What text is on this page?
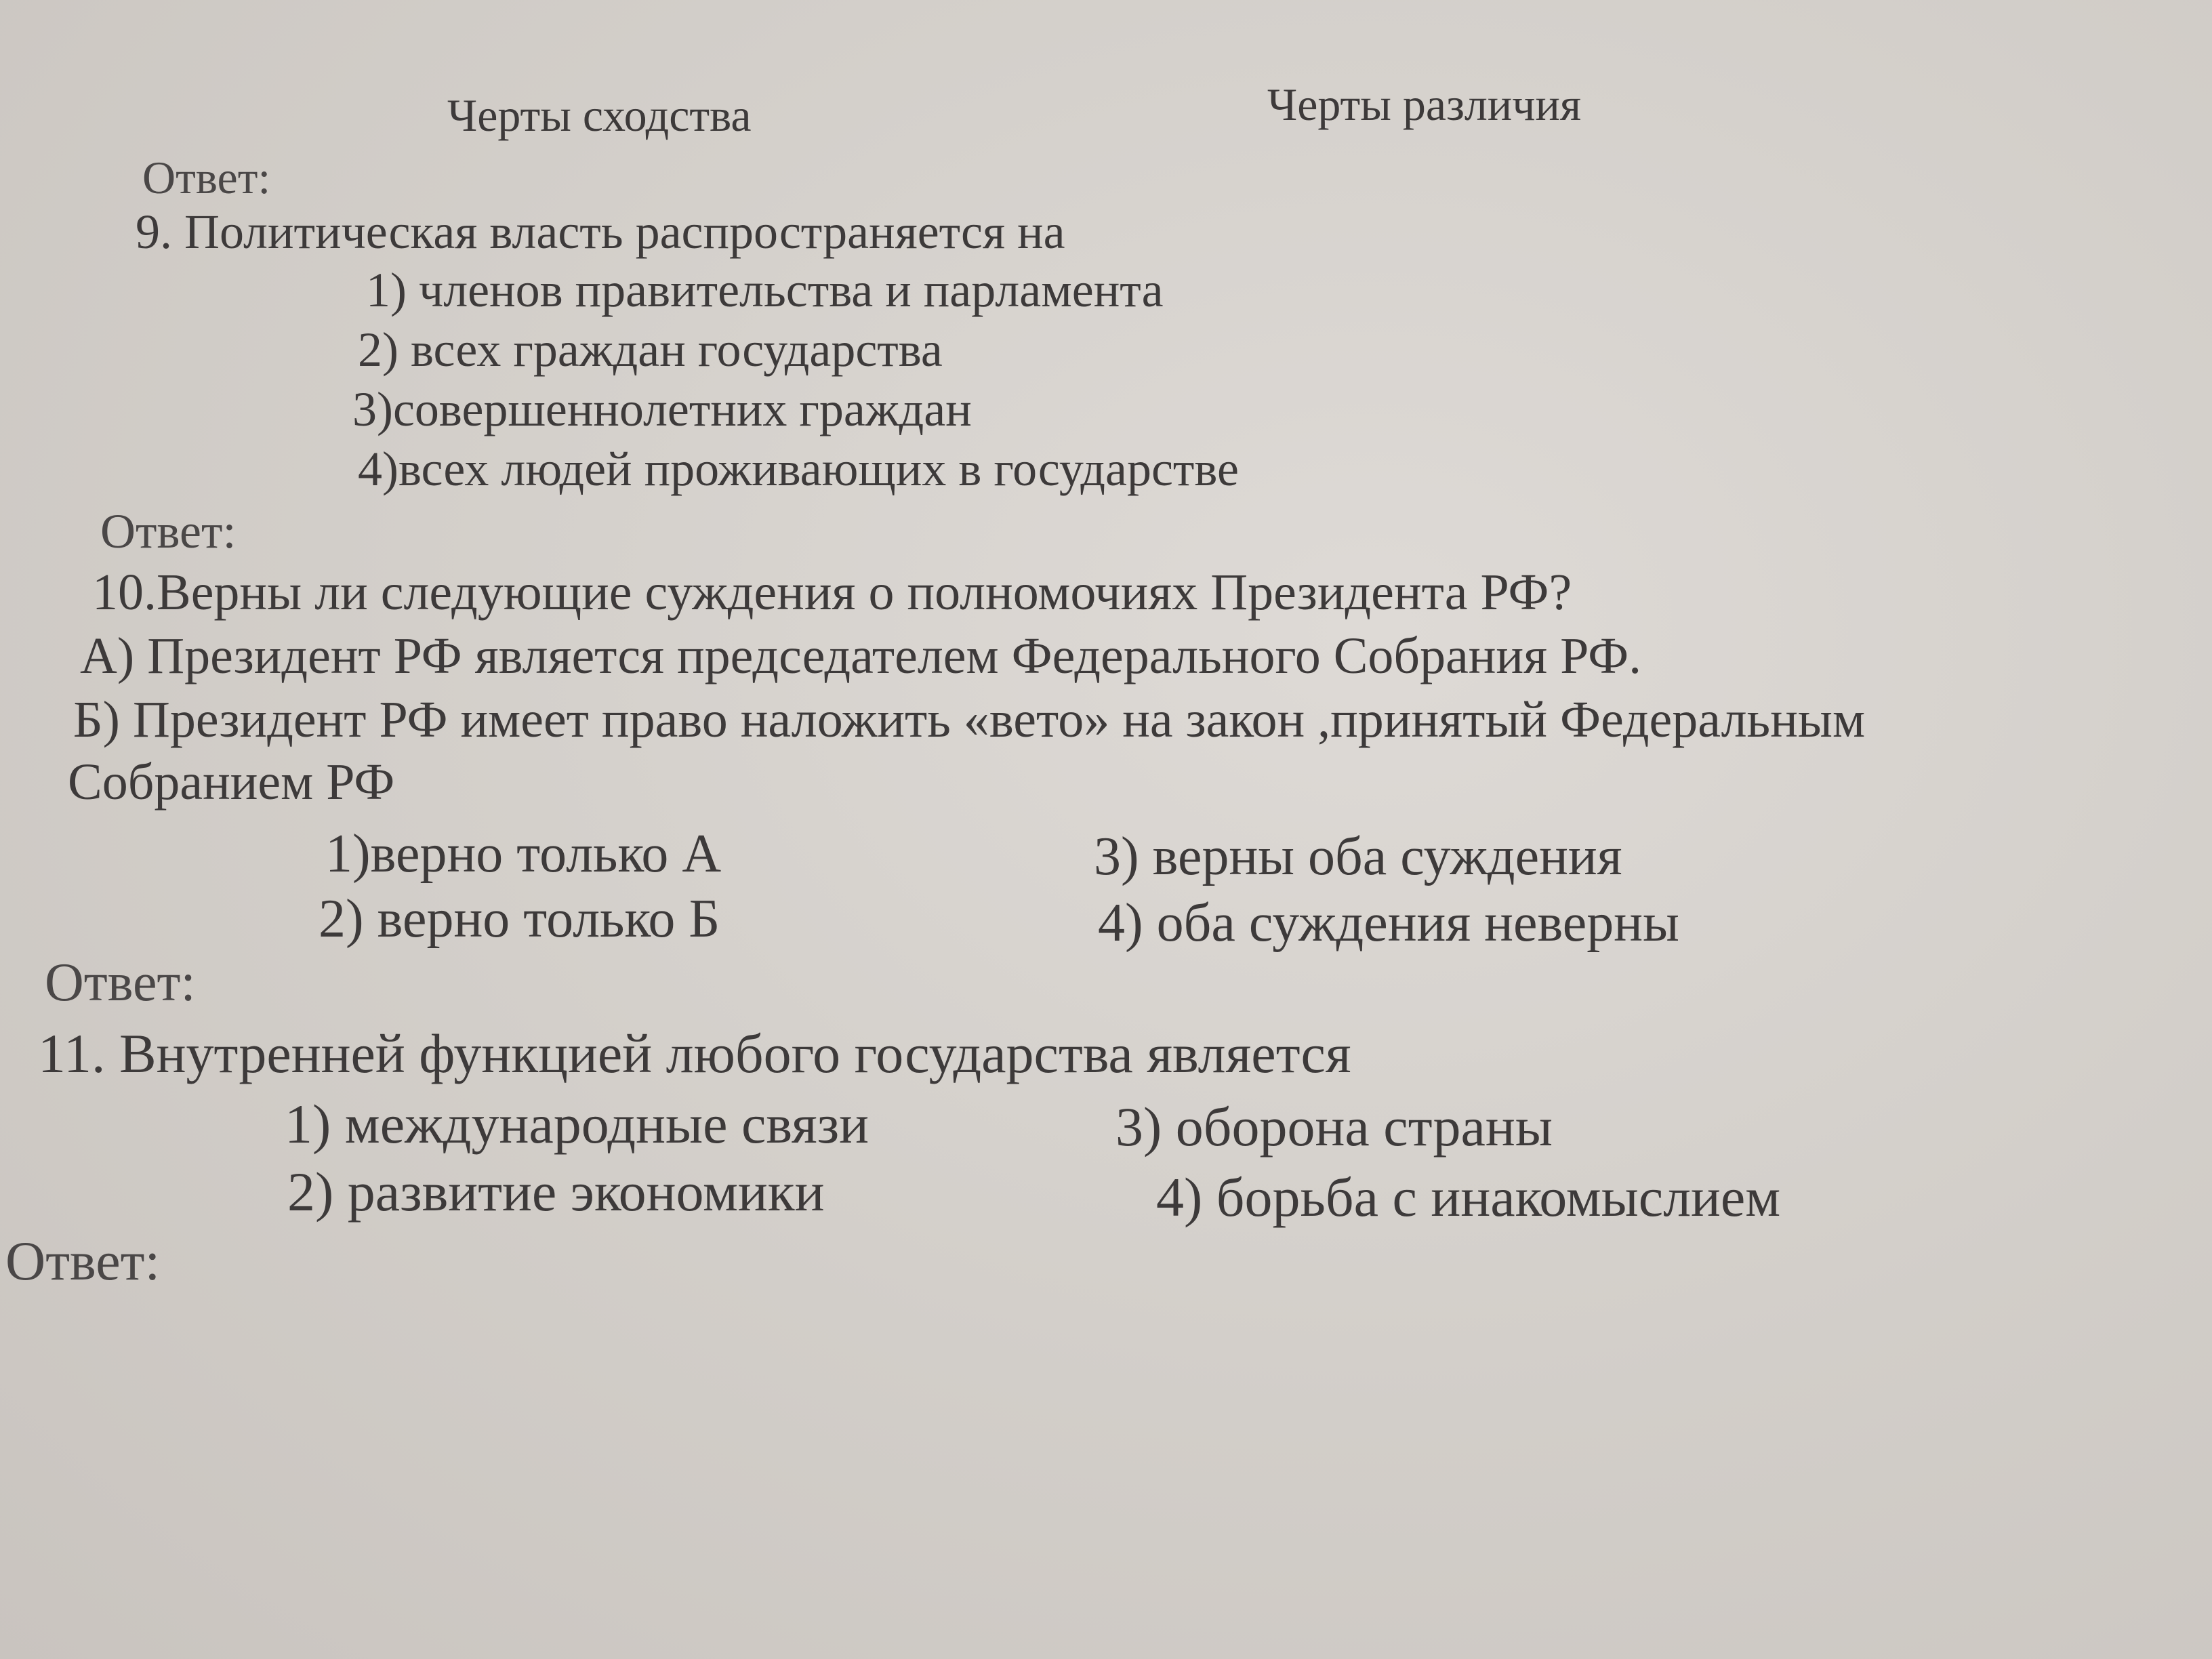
Черты сходства	Черты различия
Ответ:
9. Политическая власть распространяется на
1) членов правительства и парламента
2) всех граждан государства
3)совершеннолетних граждан
4)всех людей проживающих в государстве
Ответ:
10.Верны ли следующие суждения о полномочиях Президента РФ?
А) Президент РФ является председателем Федерального Собрания РФ.
Б) Президент РФ имеет право наложить «вето» на закон ,принятый Федеральным
Собранием РФ
1)верно только А
2) верно только Б
3) верны оба суждения
4) оба суждения неверны
Ответ:
11. Внутренней функцией любого государства является
1) международные связи
2) развитие экономики
3) оборона страны
4) борьба с инакомыслием
Ответ:
